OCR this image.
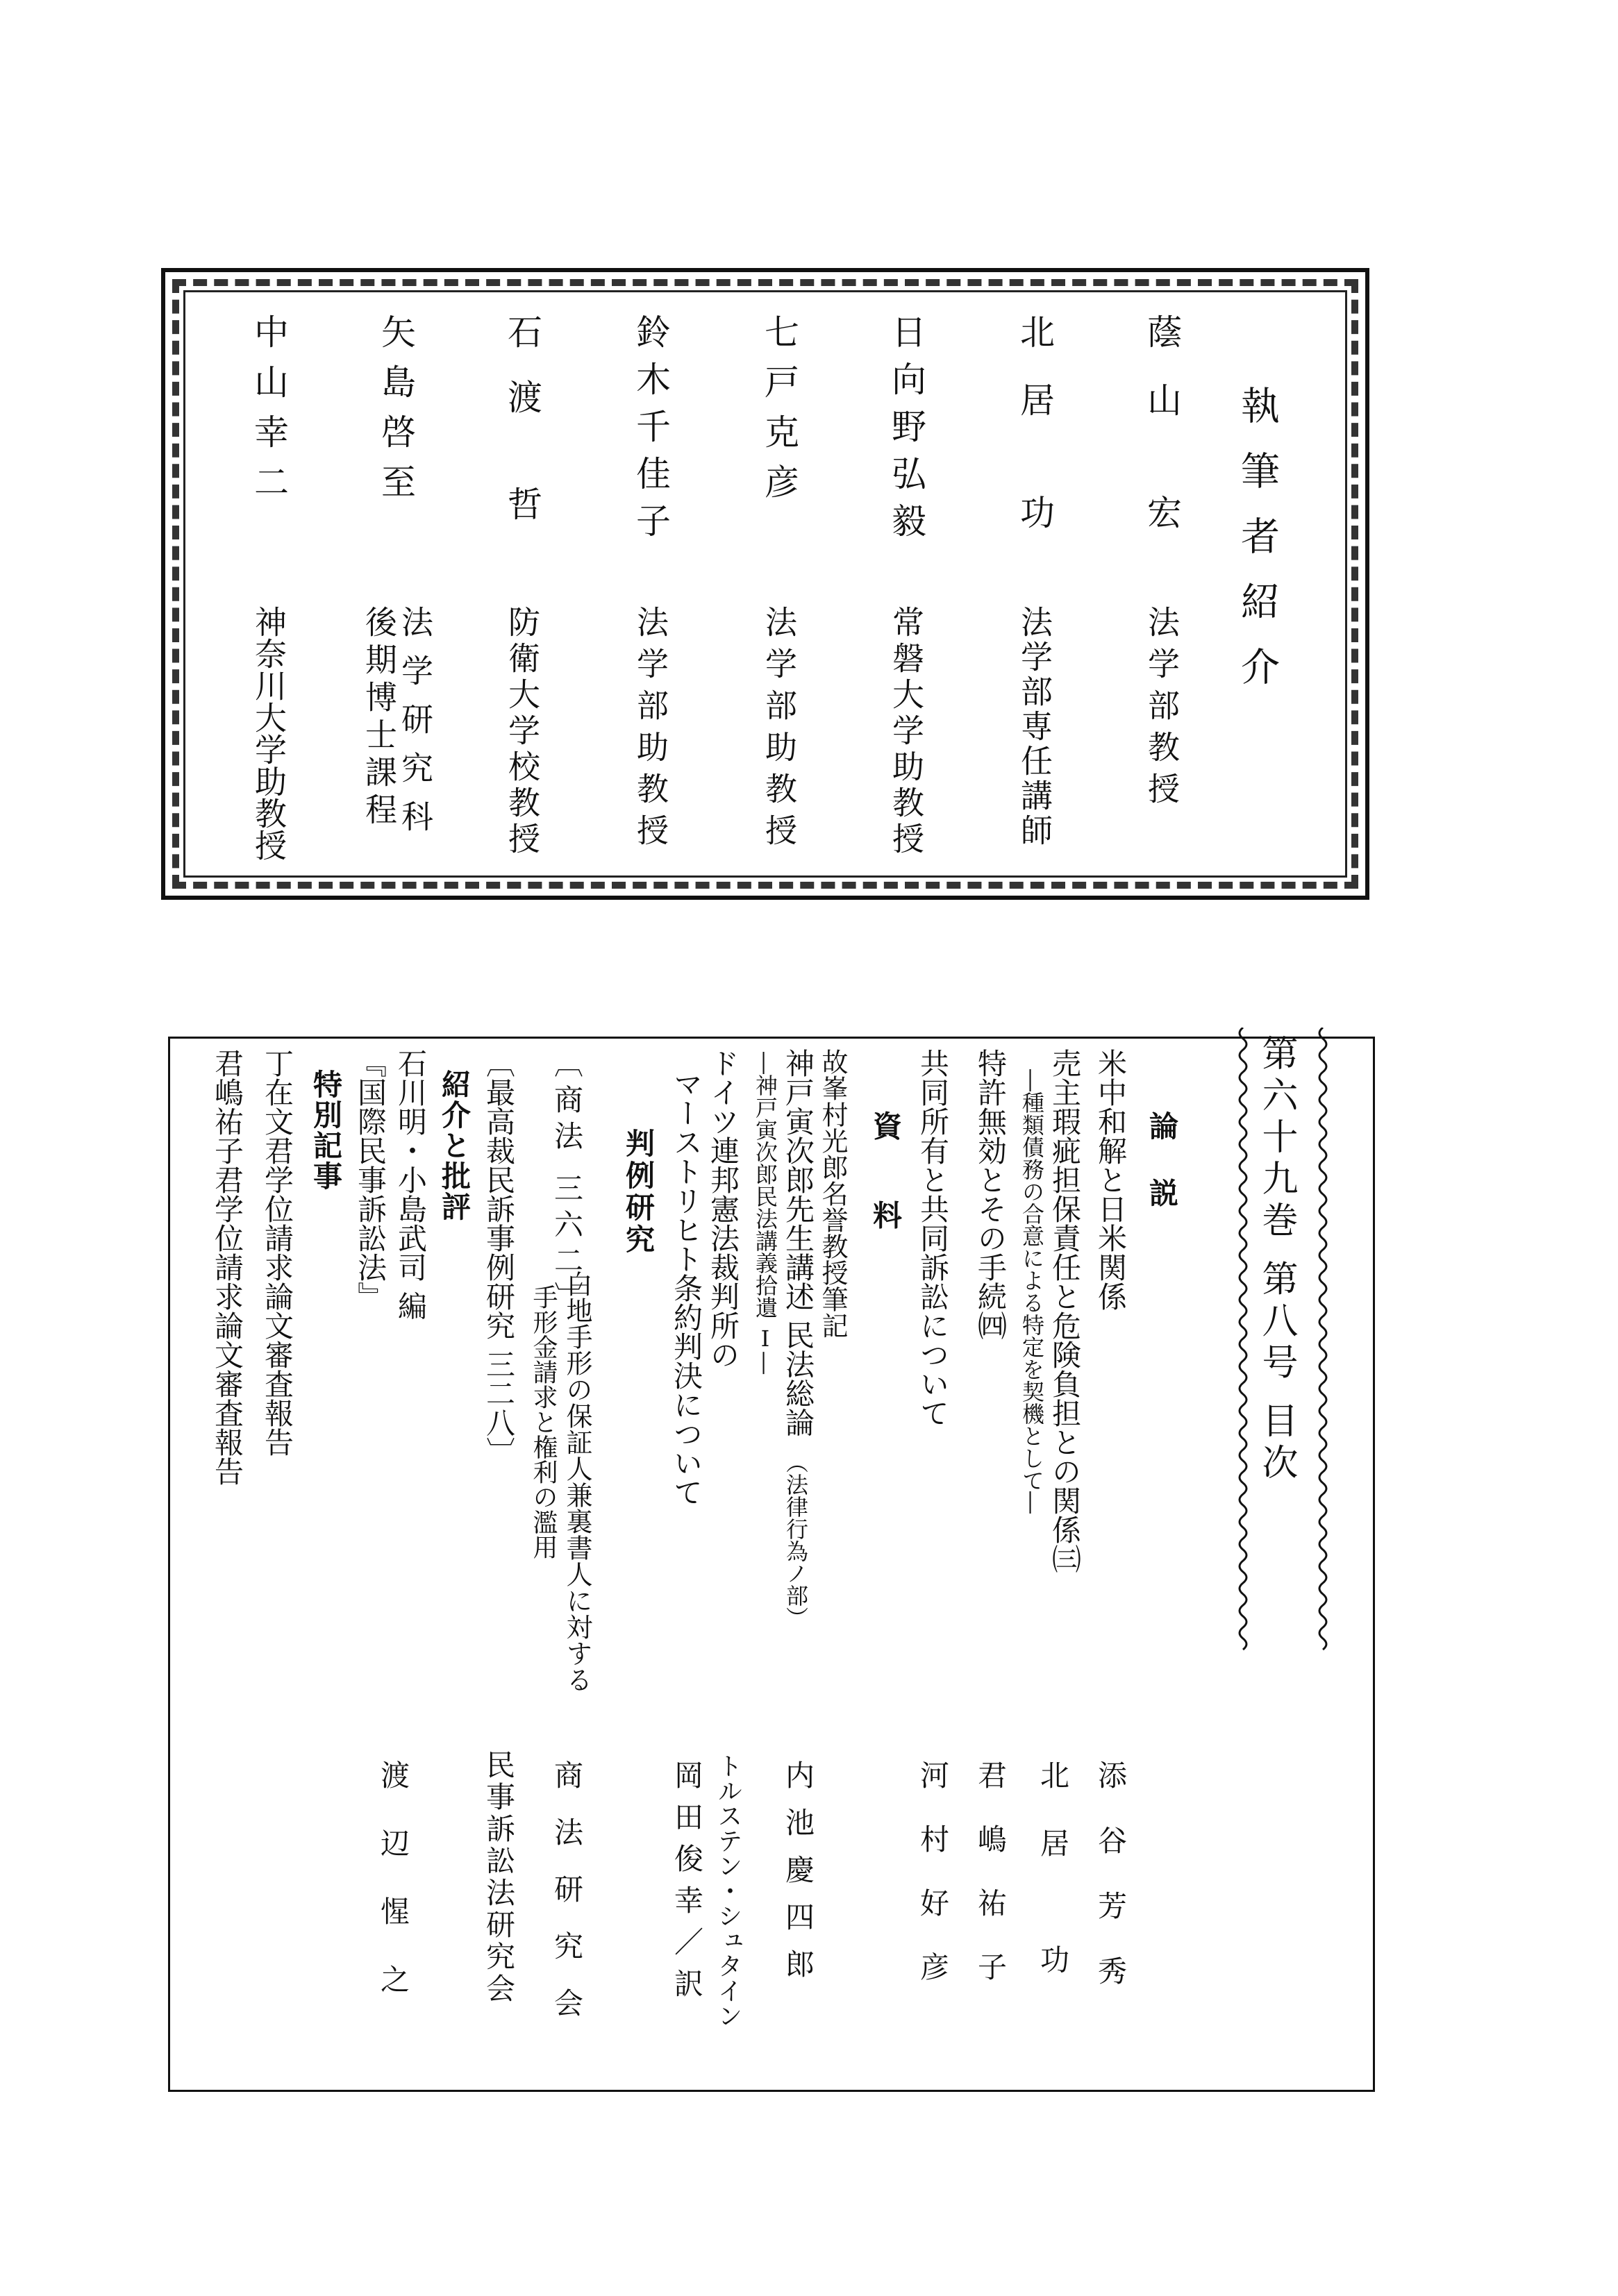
執筆者紹介
蔭山 宏
法学部教授
北居 功
法学部専任講師
日向野弘毅
常磐大学助教授
七戸克彦
法学部助教授
鈴木千佳子
法学部助教授
石渡 哲
防衛大学校教授
矢島啓至
法学研究科
後期博士課程
中山幸二
神奈川大学助教授
第六十九巻 第八号 目次
論 説
米中和解と日米関係
添谷芳秀
売主瑕疵担保責任と危険負担との関係㈢
―種類債務の合意による特定を契機として―
北居 功
特許無効とその手続㈣
君嶋祐子
共同所有と共同訴訟について
河村好彦
資 料
故峯村光郎名誉教授筆記
神戸寅次郎先生講述 民法総論
（法律行為ノ部）
―神戸寅次郎民法講義拾遺 Ⅰ―
内池慶四郎
ドイツ連邦憲法裁判所の
マーストリヒト条約判決について
トルステン・シュタイン
岡田俊幸／訳
判例研究
〔商法 三六二〕
白地手形の保証人兼裏書人に対する
手形金請求と権利の濫用
商法研究会
〔最高裁民訴事例研究 三二八〕
民事訴訟法研究会
紹介と批評
石川明・小島武司 編
『国際民事訴訟法』
渡辺惺之
特別記事
丁在文君学位請求論文審査報告
君嶋祐子君学位請求論文審査報告
